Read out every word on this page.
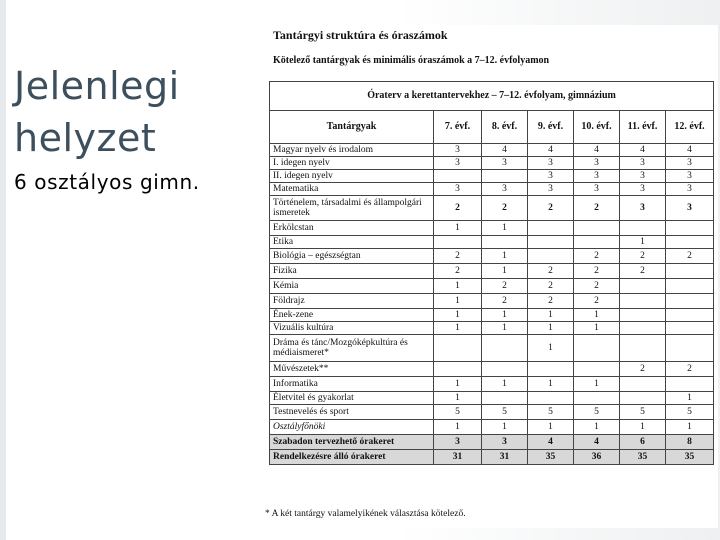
Jelenlegi
helyzet
6 osztályos gimn.
Tantárgyi struktúra és óraszámok
Kötelező tantárgyak és minimális óraszámok a 7–12. évfolyamon
Óraterv a kerettantervekhez – 7–12. évfolyam, gimnázium						
Tantárgyak	7. évf.	8. évf.	9. évf.	10. évf.	11. évf.	12. évf.
Magyar nyelv és irodalom	3	4	4	4	4	4
I. idegen nyelv	3	3	3	3	3	3
II. idegen nyelv			3	3	3	3
Matematika	3	3	3	3	3	3
Történelem, társadalmi és állampolgári ismeretek	2	2	2	2	3	3
Erkölcstan	1	1				
Etika					1	
Biológia – egészségtan	2	1		2	2	2
Fizika	2	1	2	2	2	
Kémia	1	2	2	2		
Földrajz	1	2	2	2		
Ének-zene	1	1	1	1		
Vizuális kultúra	1	1	1	1		
Dráma és tánc/Mozgóképkultúra és médiaismeret*			1			
Művészetek**					2	2
Informatika	1	1	1	1		
Életvitel és gyakorlat	1					1
Testnevelés és sport	5	5	5	5	5	5
Osztályfőnöki	1	1	1	1	1	1
Szabadon tervezhető órakeret	3	3	4	4	6	8
Rendelkezésre álló órakeret	31	31	35	36	35	35
* A két tantárgy valamelyikének választása kötelező.
